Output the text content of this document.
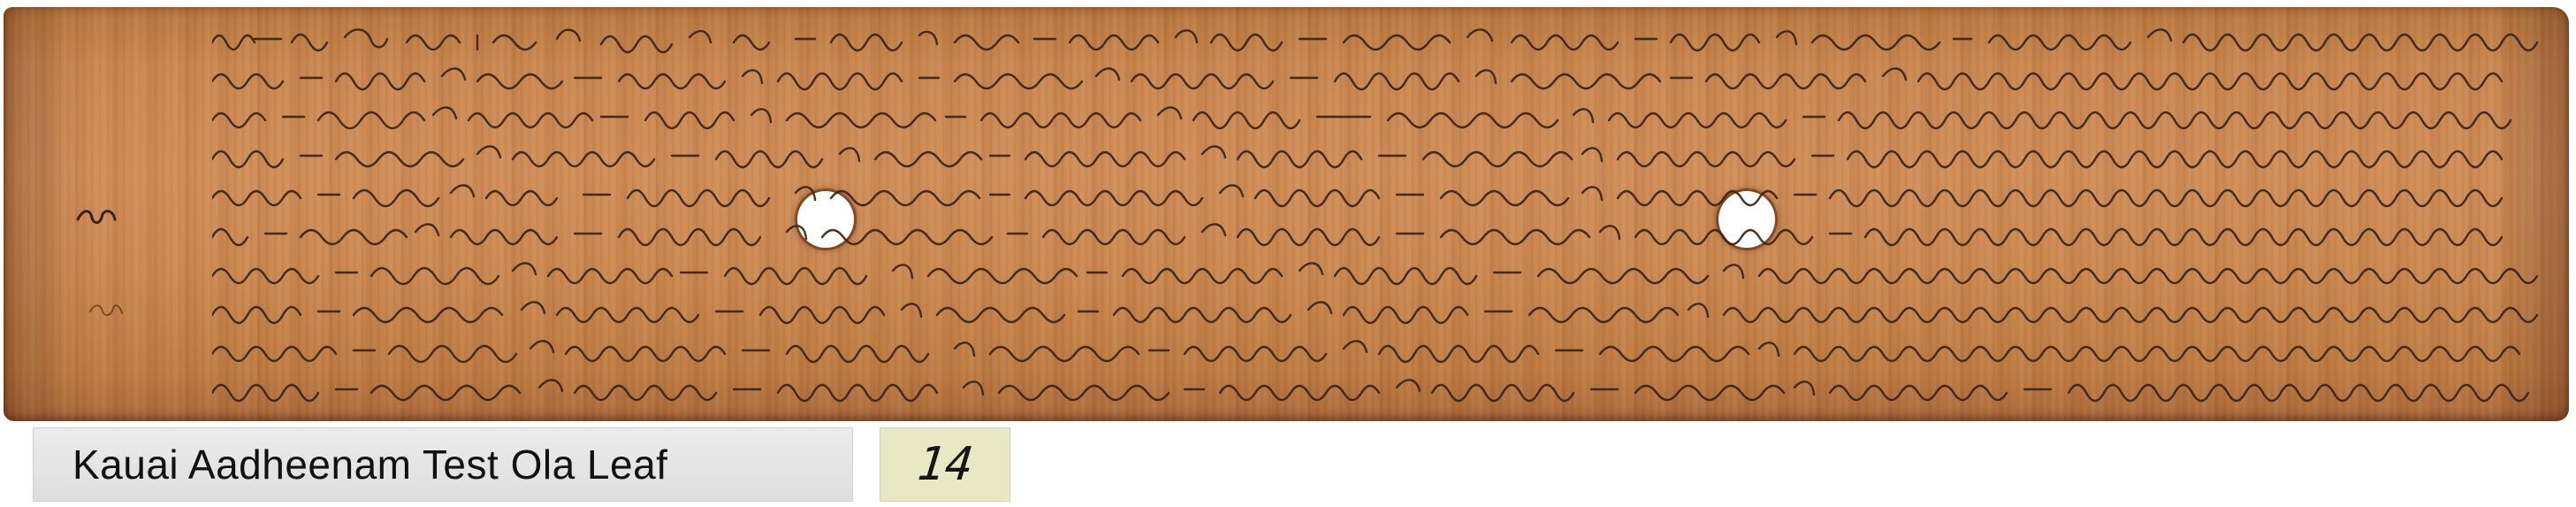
Kauai Aadheenam Test Ola Leaf	14
